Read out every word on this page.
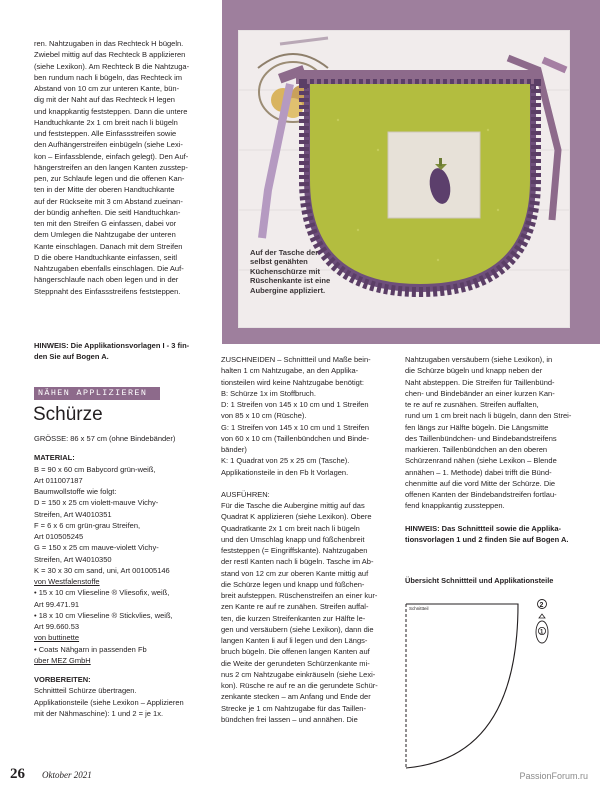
Auf der Tasche der
selbst genähten
Küchenschürze mit
Rüschenkante ist eine
Aubergine appliziert.
ren. Nahtzugaben in das Rechteck H bügeln.
Zwiebel mittig auf das Rechteck B applizieren
(siehe Lexikon). Am Rechteck B die Nahtzuga-
ben rundum nach li bügeln, das Rechteck im
Abstand von 10 cm zur unteren Kante, bün-
dig mit der Naht auf das Rechteck H legen
und knappkantig feststeppen. Dann die untere
Handtuchkante 2x 1 cm breit nach li bügeln
und feststeppen. Alle Einfassstreifen sowie
den Aufhängerstreifen einbügeln (siehe Lexi-
kon – Einfassblende, einfach gelegt). Den Auf-
hängerstreifen an den langen Kanten zusstep-
pen, zur Schlaufe legen und die offenen Kan-
ten in der Mitte der oberen Handtuchkante
auf der Rückseite mit 3 cm Abstand zueinan-
der bündig anheften. Die seitl Handtuchkan-
ten mit den Streifen G einfassen, dabei vor
dem Umlegen die Nahtzugabe der unteren
Kante einschlagen. Danach mit dem Streifen
D die obere Handtuchkante einfassen, seitl
Nahtzugaben ebenfalls einschlagen. Die Auf-
hängerschlaufe nach oben legen und in der
Steppnaht des Einfassstreifens feststeppen.
HINWEIS: Die Applikationsvorlagen I - 3 fin-
den Sie auf Bogen A.
NÄHEN APPLIZIEREN
Schürze
GRÖSSE: 86 x 57 cm (ohne Bindebänder)
MATERIAL:
B = 90 x 60 cm Babycord grün-weiß,
Art 011007187
Baumwollstoffe wie folgt:
D = 150 x 25 cm violett-mauve Vichy-
Streifen, Art W4010351
F = 6 x 6 cm grün-grau Streifen,
Art 010505245
G = 150 x 25 cm mauve-violett Vichy-
Streifen, Art W4010350
K = 30 x 30 cm sand, uni, Art 001005146
von Westfalenstoffe
• 15 x 10 cm Vlieseline ® Vliesofix, weiß,
Art 99.471.91
• 18 x 10 cm Vlieseline ® Stickvlies, weiß,
Art 99.660.53
von buttinette
• Coats Nähgarn in passenden Fb
über MEZ GmbH
VORBEREITEN:
Schnittteil Schürze übertragen.
Applikationsteile (siehe Lexikon – Applizieren
mit der Nähmaschine): 1 und 2 = je 1x.
ZUSCHNEIDEN – Schnittteil und Maße bein-
halten 1 cm Nahtzugabe, an den Applika-
tionsteilen wird keine Nahtzugabe benötigt:
B: Schürze 1x im Stoffbruch.
D: 1 Streifen von 145 x 10 cm und 1 Streifen
von 85 x 10 cm (Rüsche).
G: 1 Streifen von 145 x 10 cm und 1 Streifen
von 60 x 10 cm (Taillenbündchen und Binde-
bänder)
K: 1 Quadrat von 25 x 25 cm (Tasche).
Applikationsteile in den Fb lt Vorlagen.
AUSFÜHREN:
Für die Tasche die Aubergine mittig auf das
Quadrat K applizieren (siehe Lexikon). Obere
Quadratkante 2x 1 cm breit nach li bügeln
und den Umschlag knapp und füßchenbreit
feststeppen (= Eingriffskante). Nahtzugaben
der restl Kanten nach li bügeln. Tasche im Ab-
stand von 12 cm zur oberen Kante mittig auf
die Schürze legen und knapp und füßchen-
breit aufsteppen. Rüschenstreifen an einer kur-
zen Kante re auf re zunähen. Streifen auffal-
ten, die kurzen Streifenkanten zur Hälfte le-
gen und versäubern (siehe Lexikon), dann die
langen Kanten li auf li legen und den Längs-
bruch bügeln. Die offenen langen Kanten auf
die Weite der gerundeten Schürzenkante mi-
nus 2 cm Nahtzugabe einkräuseln (siehe Lexi-
kon). Rüsche re auf re an die gerundete Schür-
zenkante stecken – am Anfang und Ende der
Strecke je 1 cm Nahtzugabe für das Taillen-
bündchen frei lassen – und annähen. Die
Nahtzugaben versäubern (siehe Lexikon), in
die Schürze bügeln und knapp neben der
Naht absteppen. Die Streifen für Taillenbünd-
chen- und Bindebänder an einer kurzen Kan-
te re auf re zusnähen. Streifen auffalten,
rund um 1 cm breit nach li bügeln, dann den Strei-
fen längs zur Hälfte bügeln. Die Längsmitte
des Taillenbündchen- und Bindebandstreifens
markieren. Taillenbündchen an den oberen
Schürzenrand nähen (siehe Lexikon – Blende
annähen – 1. Methode) dabei trifft die Bünd-
chenmitte auf die vord Mitte der Schürze. Die
offenen Kanten der Bindebandstreifen fortlau-
fend knappkantig zussteppen.
HINWEIS: Das Schnittteil sowie die Applika-
tionsvorlagen 1 und 2 finden Sie auf Bogen A.
Übersicht Schnittteil und Applikationsteile
Schnittteil	2
1
26 Oktober 2021	PassionForum.ru
